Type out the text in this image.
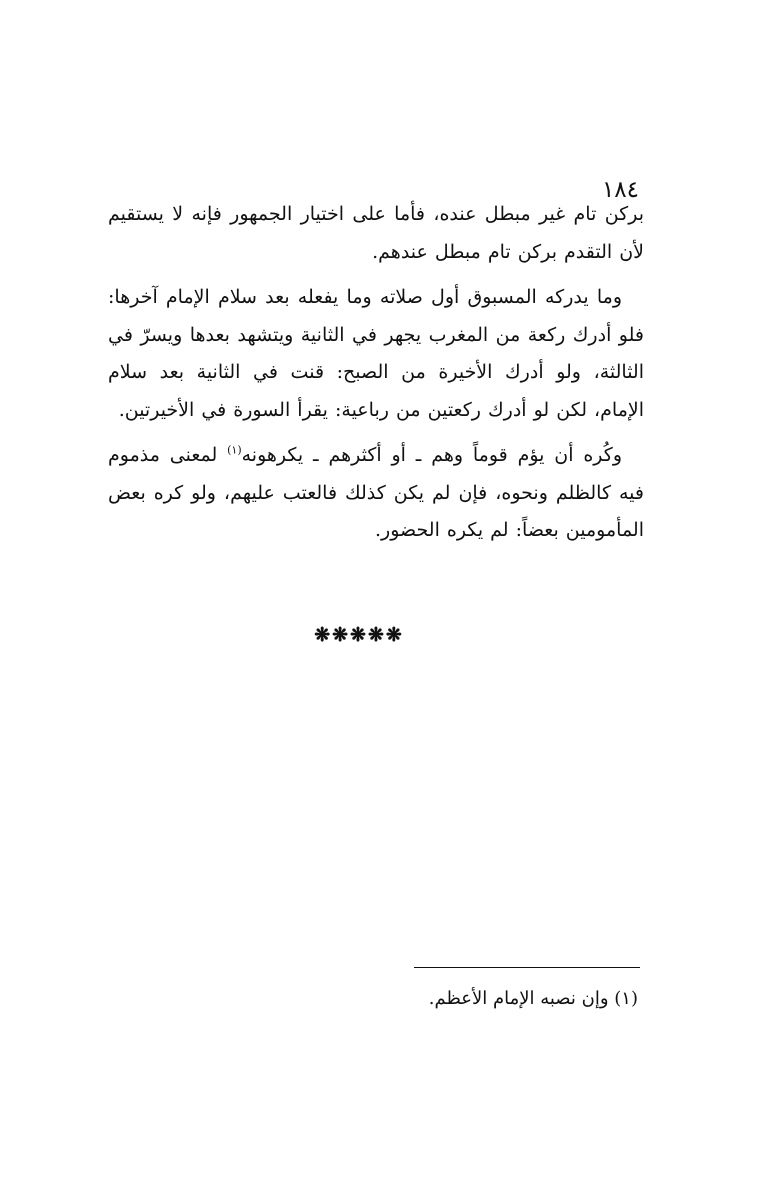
١٨٤

بركن تام غير مبطل عنده، فأما على اختيار الجمهور فإنه لا يستقيم لأن التقدم بركن تام مبطل عندهم.

وما يدركه المسبوق أول صلاته وما يفعله بعد سلام الإمام آخرها: فلو أدرك ركعة من المغرب يجهر في الثانية ويتشهد بعدها ويسرّ في الثالثة، ولو أدرك الأخيرة من الصبح: قنت في الثانية بعد سلام الإمام، لكن لو أدرك ركعتين من رباعية: يقرأ السورة في الأخيرتين.

وكُره أن يؤم قوماً وهم ـ أو أكثرهم ـ يكرهونه$^{(١)}$ لمعنى مذموم فيه كالظلم ونحوه، فإن لم يكن كذلك فالعتب عليهم، ولو كره بعض المأمومين بعضاً: لم يكره الحضور.

❋❋❋❋❋
(١) وإن نصبه الإمام الأعظم.
